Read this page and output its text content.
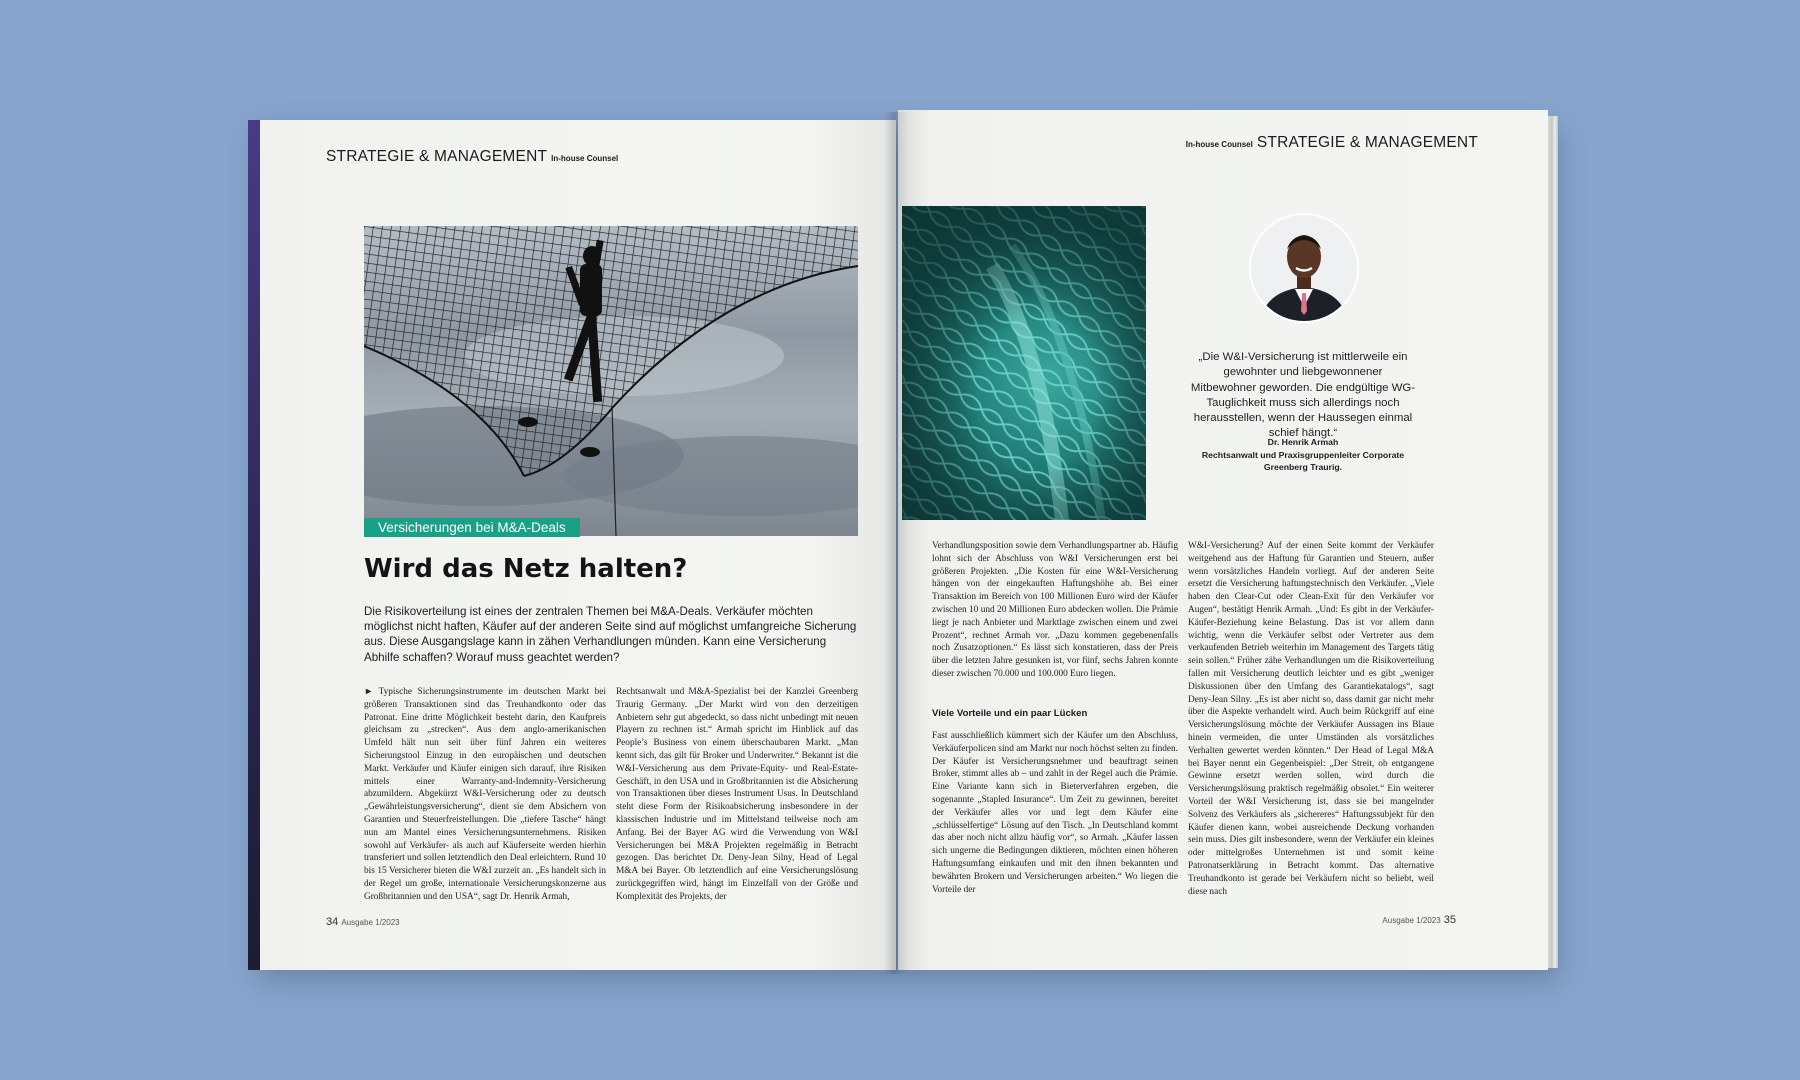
STRATEGIE & MANAGEMENT In-house Counsel
Versicherungen bei M&A-Deals
Wird das Netz halten?

Die Risikoverteilung ist eines der zentralen Themen bei M&A-Deals. Verkäufer möchten möglichst nicht haften, Käufer auf der anderen Seite sind auf möglichst umfangreiche Sicherung aus. Diese Ausgangslage kann in zähen Verhandlungen münden. Kann eine Versicherung Abhilfe schaffen? Worauf muss geachtet werden?

► Typische Sicherungsinstrumente im deutschen Markt bei größeren Transaktionen sind das Treuhandkonto oder das Patronat. Eine dritte Möglichkeit besteht darin, den Kaufpreis gleichsam zu „strecken“. Aus dem anglo-amerikanischen Umfeld hält nun seit über fünf Jahren ein weiteres Sicherungstool Einzug in den europäischen und deutschen Markt. Verkäufer und Käufer einigen sich darauf, ihre Risiken mittels einer Warranty-and-Indemnity-Versicherung abzumildern. Abgekürzt W&I-Versicherung oder zu deutsch „Gewährleistungsversicherung“, dient sie dem Absichern von Garantien und Steuerfreistellungen. Die „tiefere Tasche“ hängt nun am Mantel eines Versicherungsunternehmens. Risiken sowohl auf Verkäufer- als auch auf Käuferseite werden hierhin transferiert und sollen letztendlich den Deal erleichtern. Rund 10 bis 15 Versicherer bieten die W&I zurzeit an. „Es handelt sich in der Regel um große, internationale Versicherungskonzerne aus Großbritannien und den USA“, sagt Dr. Henrik Armah,
Rechtsanwalt und M&A-Spezialist bei der Kanzlei Greenberg Traurig Germany. „Der Markt wird von den derzeitigen Anbietern sehr gut abgedeckt, so dass nicht unbedingt mit neuen Playern zu rechnen ist.“ Armah spricht im Hinblick auf das People’s Business von einem überschaubaren Markt. „Man kennt sich, das gilt für Broker und Underwriter.“ Bekannt ist die W&I-Versicherung aus dem Private-Equity- und Real-Estate-Geschäft, in den USA und in Großbritannien ist die Absicherung von Transaktionen über dieses Instrument Usus. In Deutschland steht diese Form der Risikoabsicherung insbesondere in der klassischen Industrie und im Mittelstand teilweise noch am Anfang. Bei der Bayer AG wird die Verwendung von W&I Versicherungen bei M&A Projekten regelmäßig in Betracht gezogen. Das berichtet Dr. Deny-Jean Silny, Head of Legal M&A bei Bayer. Ob letztendlich auf eine Versicherungslösung zurückgegriffen wird, hängt im Einzelfall von der Größe und Komplexität des Projekts, der
34 Ausgabe 1/2023
In-house Counsel STRATEGIE & MANAGEMENT

„Die W&I-Versicherung ist mittlerweile ein gewohnter und liebgewonnener Mitbewohner geworden. Die endgültige WG-Tauglichkeit muss sich allerdings noch herausstellen, wenn der Haussegen einmal schief hängt.“

Dr. Henrik Armah
Rechtsanwalt und Praxisgruppenleiter Corporate
Greenberg Traurig.
Verhandlungsposition sowie dem Verhandlungspartner ab. Häufig lohnt sich der Abschluss von W&I Versicherungen erst bei größeren Projekten. „Die Kosten für eine W&I-Versicherung hängen von der eingekauften Haftungshöhe ab. Bei einer Transaktion im Bereich von 100 Millionen Euro wird der Käufer zwischen 10 und 20 Millionen Euro abdecken wollen. Die Prämie liegt je nach Anbieter und Marktlage zwischen einem und zwei Prozent“, rechnet Armah vor. „Dazu kommen gegebenenfalls noch Zusatzoptionen.“ Es lässt sich konstatieren, dass der Preis über die letzten Jahre gesunken ist, vor fünf, sechs Jahren konnte dieser zwischen 70.000 und 100.000 Euro liegen.
Viele Vorteile und ein paar Lücken
Fast ausschließlich kümmert sich der Käufer um den Abschluss, Verkäuferpolicen sind am Markt nur noch höchst selten zu finden. Der Käufer ist Versicherungsnehmer und beauftragt seinen Broker, stimmt alles ab – und zahlt in der Regel auch die Prämie. Eine Variante kann sich in Bieterverfahren ergeben, die sogenannte „Stapled Insurance“. Um Zeit zu gewinnen, bereitet der Verkäufer alles vor und legt dem Käufer eine „schlüsselfertige“ Lösung auf den Tisch. „In Deutschland kommt das aber noch nicht allzu häufig vor“, so Armah. „Käufer lassen sich ungerne die Bedingungen diktieren, möchten einen höheren Haftungsumfang einkaufen und mit den ihnen bekannten und bewährten Brokern und Versicherungen arbeiten.“ Wo liegen die Vorteile der
W&I-Versicherung? Auf der einen Seite kommt der Verkäufer weitgehend aus der Haftung für Garantien und Steuern, außer wenn vorsätzliches Handeln vorliegt. Auf der anderen Seite ersetzt die Versicherung haftungstechnisch den Verkäufer. „Viele haben den Clear-Cut oder Clean-Exit für den Verkäufer vor Augen“, bestätigt Henrik Armah. „Und: Es gibt in der Verkäufer-Käufer-Beziehung keine Belastung. Das ist vor allem dann wichtig, wenn die Verkäufer selbst oder Vertreter aus dem verkaufenden Betrieb weiterhin im Management des Targets tätig sein sollen.“ Früher zähe Verhandlungen um die Risikoverteilung fallen mit Versicherung deutlich leichter und es gibt „weniger Diskussionen über den Umfang des Garantiekatalogs“, sagt Deny-Jean Silny. „Es ist aber nicht so, dass damit gar nicht mehr über die Aspekte verhandelt wird. Auch beim Rückgriff auf eine Versicherungslösung möchte der Verkäufer Aussagen ins Blaue hinein vermeiden, die unter Umständen als vorsätzliches Verhalten gewertet werden könnten.“ Der Head of Legal M&A bei Bayer nennt ein Gegenbeispiel: „Der Streit, ob entgangene Gewinne ersetzt werden sollen, wird durch die Versicherungslösung praktisch regelmäßig obsolet.“ Ein weiterer Vorteil der W&I Versicherung ist, dass sie bei mangelnder Solvenz des Verkäufers als „sichereres“ Haftungssubjekt für den Käufer dienen kann, wobei ausreichende Deckung vorhanden sein muss. Dies gilt insbesondere, wenn der Verkäufer ein kleines oder mittelgroßes Unternehmen ist und somit keine Patronatserklärung in Betracht kommt. Das alternative Treuhandkonto ist gerade bei Verkäufern nicht so beliebt, weil diese nach
Ausgabe 1/2023 35
